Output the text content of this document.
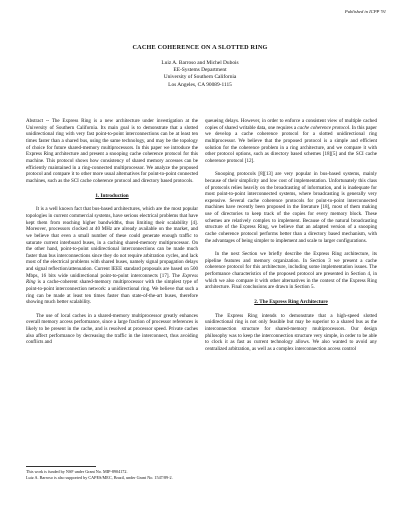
Published in ICPP '91
CACHE COHERENCE ON A SLOTTED RING
Luiz A. Barroso and Michel Dubois
EE-Systems Department
University of Southern California
Los Angeles, CA 90089-1115

Abstract -- The Express Ring is a new architecture under investigation at the University of Southern California. Its main goal is to demonstrate that a slotted unidirectional ring with very fast point-to-point interconnections can be at least ten times faster than a shared bus, using the same technology, and may be the topology of choice for future shared-memory multiprocessors. In this paper we introduce the Express Ring architecture and present a snooping cache coherence protocol for this machine. This protocol shows how consistency of shared memory accesses can be efficiently maintained in a ring-connected multiprocessor. We analyze the proposed protocol and compare it to other more usual alternatives for point-to-point connected machines, such as the SCI cache coherence protocol and directory based protocols.

1. Introduction

It is a well known fact that bus-based architectures, which are the most popular topologies in current commercial systems, have serious electrical problems that have kept them from reaching higher bandwidths, thus limiting their scalability [4]. Moreover, processors clocked at 40 MHz are already available on the market, and we believe that even a small number of these could generate enough traffic to saturate current interboard buses, in a caching shared-memory multiprocessor. On the other hand, point-to-point unidirectional interconnections can be made much faster than bus interconnections since they do not require arbitration cycles, and lack most of the electrical problems with shared buses, namely signal propagation delays and signal reflection/attenuation. Current IEEE standard proposals are based on 500 Mbps, 16 bits wide unidirectional point-to-point interconnects [17]. The Express Ring is a cache-coherent shared-memory multiprocessor with the simplest type of point-to-point interconnection network: a unidirectional ring. We believe that such a ring can be made at least ten times faster than state-of-the-art buses, therefore showing much better scalability.

The use of local caches in a shared-memory multiprocessor greatly enhances overall memory access performance, since a large fraction of processor references is likely to be present in the cache, and is resolved at processor speed. Private caches also affect performance by decreasing the traffic in the interconnect, thus avoiding conflicts and

This work is funded by NSF under Grant No. MIP-8904172.
Luiz A. Barroso is also supported by CAPES/MEC, Brazil, under Grant No. 1547/89-2.

queueing delays. However, in order to enforce a consistent view of multiple cached copies of shared writable data, one requires a cache coherence protocol. In this paper we develop a cache coherence protocol for a slotted unidirectional ring multiprocessor. We believe that the proposed protocol is a simple and efficient solution for the coherence problem in a ring architecture, and we compare it with other protocol options, such as directory based schemes [18][5] and the SCI cache coherence protocol [12].

Snooping protocols [8][13] are very popular in bus-based systems, mainly because of their simplicity and low cost of implementation. Unfortunately this class of protocols relies heavily on the broadcasting of information, and is inadequate for most point-to-point interconnected systems, where broadcasting is generally very expensive. Several cache coherence protocols for point-to-point interconnected machines have recently been proposed in the literature [18], most of them making use of directories to keep track of the copies for every memory block. These schemes are relatively complex to implement. Because of the natural broadcasting structure of the Express Ring, we believe that an adapted version of a snooping cache coherence protocol performs better than a directory based mechanism, with the advantages of being simpler to implement and scale to larger configurations.

In the next Section we briefly describe the Express Ring architecture, its pipeline features and memory organization. In Section 3 we present a cache coherence protocol for this architecture, including some implementation issues. The performance characteristics of the proposed protocol are presented in Section 4, in which we also compare it with other alternatives in the context of the Express Ring architecture. Final conclusions are drawn in Section 5.

2. The Express Ring Architecture

The Express Ring intends to demonstrate that a high-speed slotted unidirectional ring is not only feasible but may be superior to a shared bus as the interconnection structure for shared-memory multiprocessors. Our design philosophy was to keep the interconnection structure very simple, in order to be able to clock it as fast as current technology allows. We also wanted to avoid any centralized arbitration, as well as a complex interconnection access control
